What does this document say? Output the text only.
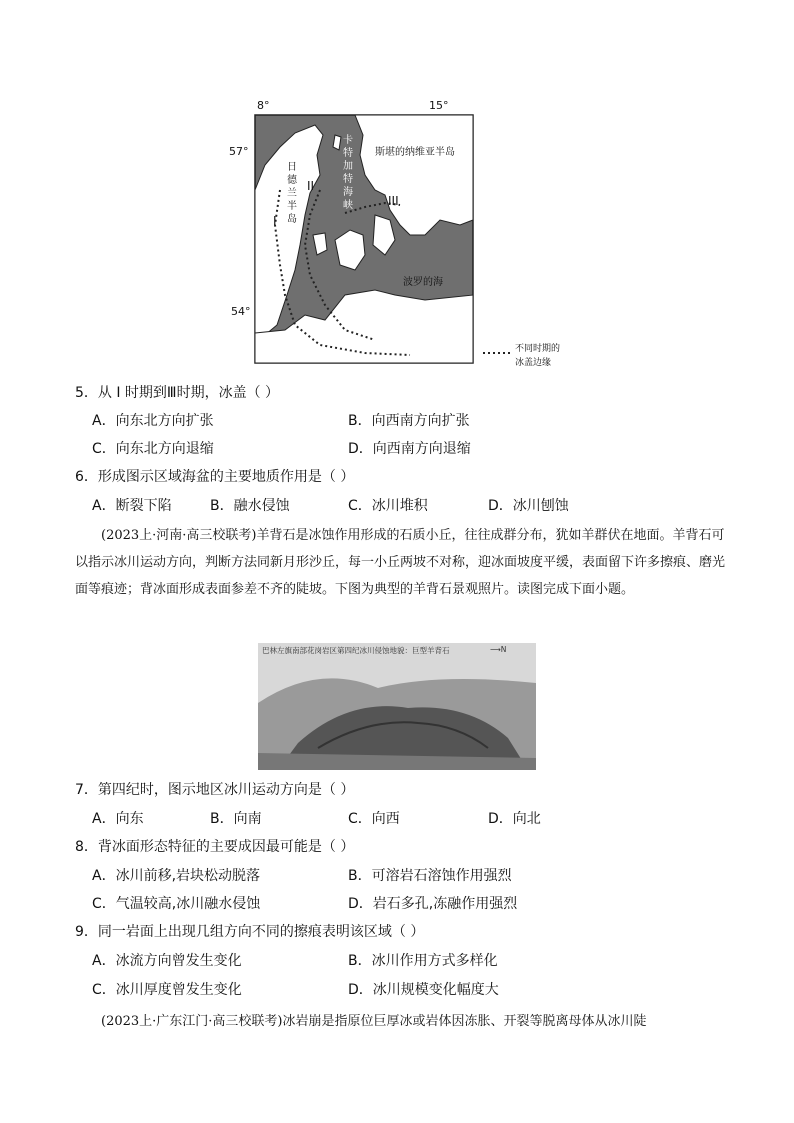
8°	15°
57°
54°
日 德 兰 半 岛
卡 特 加 特 海 峡
斯堪的纳维亚半岛
波罗的海
I
II
III
不同时期的
冰盖边缘
5．从 I 时期到Ⅲ时期，冰盖（ ）
A．向东北方向扩张	B．向西南方向扩张
C．向东北方向退缩	D．向西南方向退缩
6．形成图示区域海盆的主要地质作用是（ ）
A．断裂下陷	B．融水侵蚀	C．冰川堆积	D．冰川刨蚀
(2023上·河南·高三校联考)羊背石是冰蚀作用形成的石质小丘，往往成群分布，犹如羊群伏在地面。羊背石可以指示冰川运动方向，判断方法同新月形沙丘，每一小丘两坡不对称，迎冰面坡度平缓，表面留下许多擦痕、磨光面等痕迹；背冰面形成表面参差不齐的陡坡。下图为典型的羊背石景观照片。读图完成下面小题。
巴林左旗南部花岗岩区第四纪冰川侵蚀地貌：巨型羊背石	⟶N
7．第四纪时，图示地区冰川运动方向是（ ）
A．向东	B．向南	C．向西	D．向北
8．背冰面形态特征的主要成因最可能是（ ）
A．冰川前移,岩块松动脱落	B．可溶岩石溶蚀作用强烈
C．气温较高,冰川融水侵蚀	D．岩石多孔,冻融作用强烈
9．同一岩面上出现几组方向不同的擦痕表明该区域（ ）
A．冰流方向曾发生变化	B．冰川作用方式多样化
C．冰川厚度曾发生变化	D．冰川规模变化幅度大
(2023上·广东江门·高三校联考)冰岩崩是指原位巨厚冰或岩体因冻胀、开裂等脱离母体从冰川陡
